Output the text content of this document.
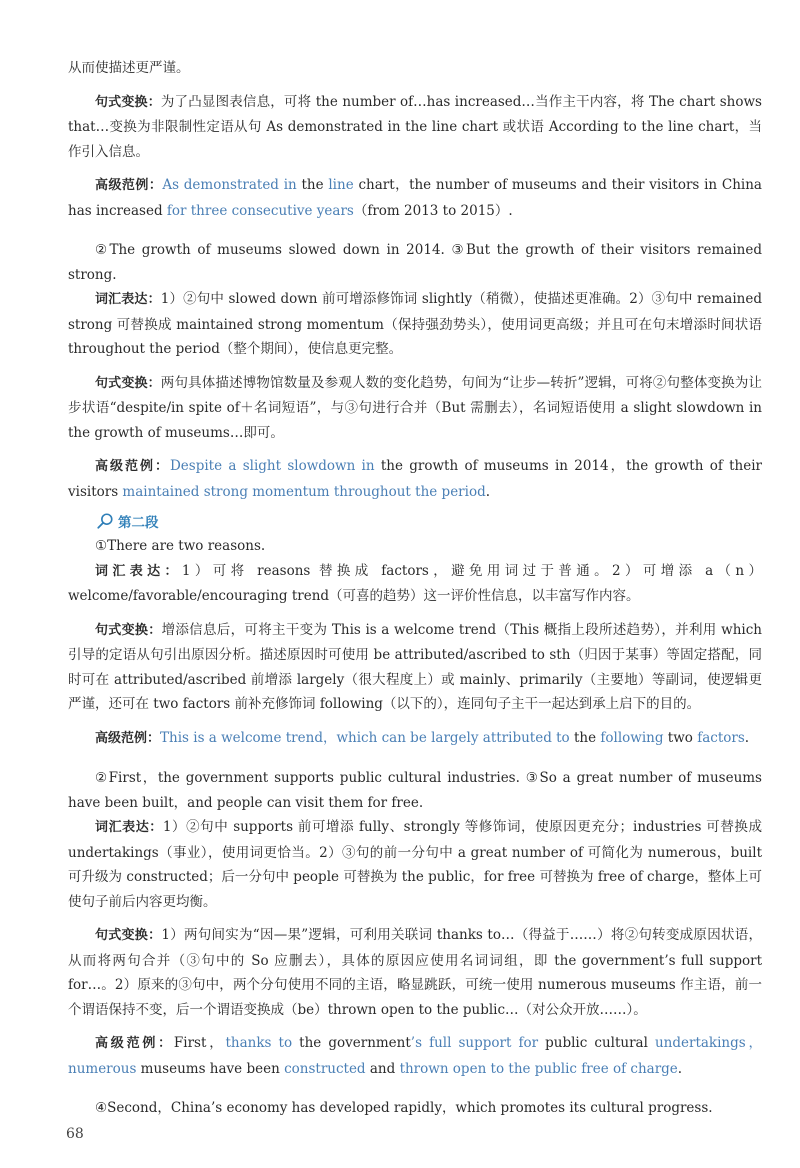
从而使描述更严谨。

句式变换：为了凸显图表信息，可将 the number of…has increased…当作主干内容，将 The chart shows that…变换为非限制性定语从句 As demonstrated in the line chart 或状语 According to the line chart，当作引入信息。

高级范例：As demonstrated in the line chart，the number of museums and their visitors in China has increased for three consecutive years（from 2013 to 2015）.

②The growth of museums slowed down in 2014. ③But the growth of their visitors remained strong.

词汇表达：1）②句中 slowed down 前可增添修饰词 slightly（稍微），使描述更准确。2）③句中 remained strong 可替换成 maintained strong momentum（保持强劲势头），使用词更高级；并且可在句末增添时间状语 throughout the period（整个期间），使信息更完整。

句式变换：两句具体描述博物馆数量及参观人数的变化趋势，句间为“让步—转折”逻辑，可将②句整体变换为让步状语“despite/in spite of＋名词短语”，与③句进行合并（But 需删去），名词短语使用 a slight slowdown in the growth of museums…即可。

高级范例：Despite a slight slowdown in the growth of museums in 2014，the growth of their visitors maintained strong momentum throughout the period.

第二段

①There are two reasons.

词汇表达：1）可将 reasons 替换成 factors，避免用词过于普通。2）可增添 a（n）welcome/favorable/encouraging trend（可喜的趋势）这一评价性信息，以丰富写作内容。

句式变换：增添信息后，可将主干变为 This is a welcome trend（This 概指上段所述趋势），并利用 which 引导的定语从句引出原因分析。描述原因时可使用 be attributed/ascribed to sth（归因于某事）等固定搭配，同时可在 attributed/ascribed 前增添 largely（很大程度上）或 mainly、primarily（主要地）等副词，使逻辑更严谨，还可在 two factors 前补充修饰词 following（以下的），连同句子主干一起达到承上启下的目的。

高级范例：This is a welcome trend，which can be largely attributed to the following two factors.

②First，the government supports public cultural industries. ③So a great number of museums have been built，and people can visit them for free.

词汇表达：1）②句中 supports 前可增添 fully、strongly 等修饰词，使原因更充分；industries 可替换成 undertakings（事业），使用词更恰当。2）③句的前一分句中 a great number of 可简化为 numerous，built 可升级为 constructed；后一分句中 people 可替换为 the public，for free 可替换为 free of charge，整体上可使句子前后内容更均衡。

句式变换：1）两句间实为“因—果”逻辑，可利用关联词 thanks to…（得益于……）将②句转变成原因状语，从而将两句合并（③句中的 So 应删去），具体的原因应使用名词词组，即 the government’s full support for…。2）原来的③句中，两个分句使用不同的主语，略显跳跃，可统一使用 numerous museums 作主语，前一个谓语保持不变，后一个谓语变换成（be）thrown open to the public…（对公众开放……）。

高级范例：First，thanks to the government’s full support for public cultural undertakings，numerous museums have been constructed and thrown open to the public free of charge.

④Second，China’s economy has developed rapidly，which promotes its cultural progress.

68
